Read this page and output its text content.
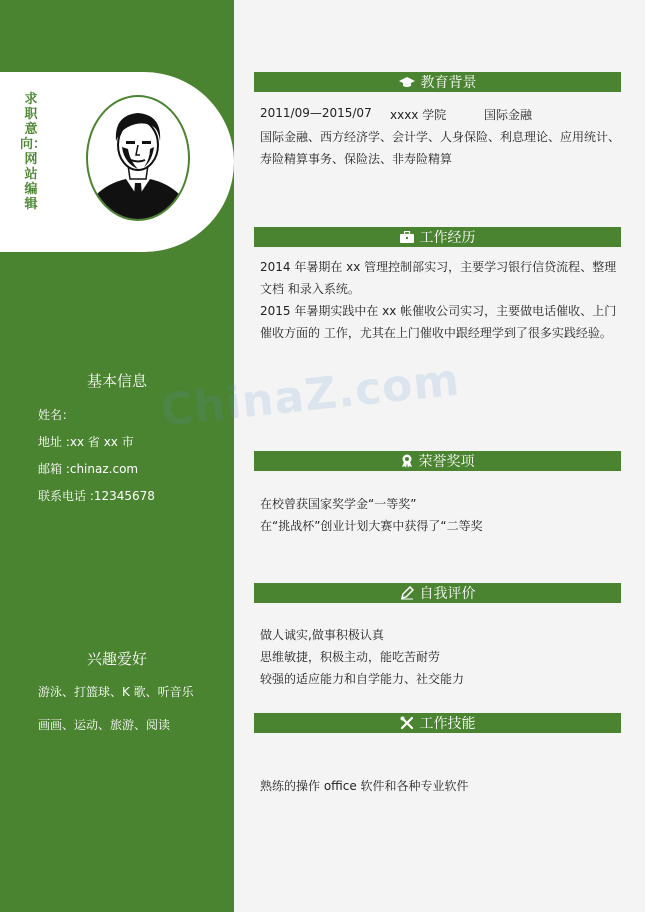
求职意向：网站编辑
基本信息
姓名：
地址 :xx 省 xx 市
邮箱 :chinaz.com
联系电话 :12345678
兴趣爱好
游泳、打篮球、K 歌、听音乐
画画、运动、旅游、阅读
ChinaZ.com
教育背景
2011/09—2015/07 xxxx 学院	国际金融
国际金融、西方经济学、会计学、人身保险、利息理论、应用统计、
寿险精算事务、保险法、非寿险精算
工作经历
2014 年暑期在 xx 管理控制部实习，主要学习银行信贷流程、整理
文档 和录入系统。
2015 年暑期实践中在 xx 帐催收公司实习，主要做电话催收、上门
催收方面的 工作，尤其在上门催收中跟经理学到了很多实践经验。
荣誉奖项
在校曾获国家奖学金“一等奖”
在“挑战杯”创业计划大赛中获得了“二等奖
自我评价
做人诚实,做事积极认真
思维敏捷，积极主动，能吃苦耐劳
较强的适应能力和自学能力、社交能力
工作技能
熟练的操作 office 软件和各种专业软件
